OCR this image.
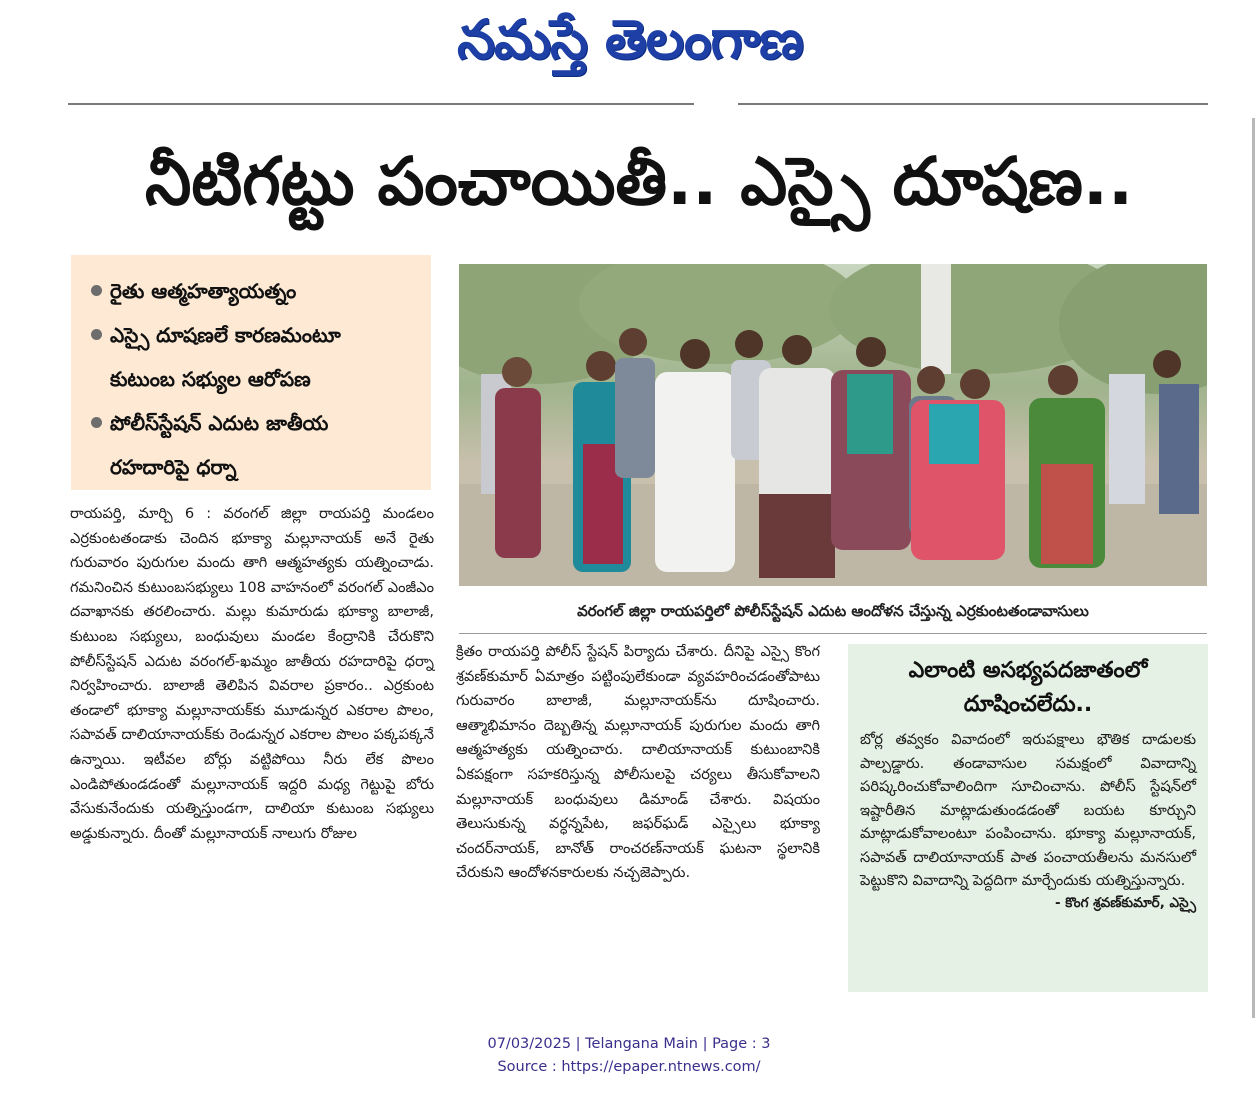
నమస్తే తెలంగాణ
నీటిగట్టు పంచాయితీ.. ఎస్సై దూషణ..
రైతు ఆత్మహత్యాయత్నం
ఎస్సై దూషణలే కారణమంటూ
కుటుంబ సభ్యుల ఆరోపణ
పోలీస్‌స్టేషన్ ఎదుట జాతీయ
రహదారిపై ధర్నా
రాయపర్తి, మార్చి 6 : వరంగల్ జిల్లా రాయపర్తి మండలం ఎర్రకుంటతండాకు చెందిన భూక్యా మల్లూనాయక్ అనే రైతు గురువారం పురుగుల మందు తాగి ఆత్మహత్యకు యత్నించాడు. గమనించిన కుటుంబసభ్యులు 108 వాహనంలో వరంగల్ ఎంజీఎం దవాఖానకు తరలించారు. మల్లు కుమారుడు భూక్యా బాలాజీ, కుటుంబ సభ్యులు, బంధువులు మండల కేంద్రానికి చేరుకొని పోలీస్‌స్టేషన్ ఎదుట వరంగల్-ఖమ్మం జాతీయ రహదారిపై ధర్నా నిర్వహించారు. బాలాజీ తెలిపిన వివరాల ప్రకారం.. ఎర్రకుంట తండాలో భూక్యా మల్లూనాయక్‌కు మూడున్నర ఎకరాల పొలం, సపావత్ దాలియానాయక్‌కు రెండున్నర ఎకరాల పొలం పక్కపక్కనే ఉన్నాయి. ఇటీవల బోర్లు వట్టిపోయి నీరు లేక పొలం ఎండిపోతుండడంతో మల్లూనాయక్ ఇద్దరి మధ్య గెట్టుపై బోరు వేసుకునేందుకు యత్నిస్తుండగా, దాలియా కుటుంబ సభ్యులు అడ్డుకున్నారు. దీంతో మల్లూనాయక్ నాలుగు రోజుల
వరంగల్ జిల్లా రాయపర్తిలో పోలీస్‌స్టేషన్ ఎదుట ఆందోళన చేస్తున్న ఎర్రకుంటతండావాసులు
క్రితం రాయపర్తి పోలీస్ స్టేషన్ పిర్యాదు చేశారు. దీనిపై ఎస్సై కొంగ శ్రవణ్‌కుమార్ ఏమాత్రం పట్టింపులేకుండా వ్యవహరించడంతోపాటు గురువారం బాలాజీ, మల్లూనాయక్‌ను దూషించారు. ఆత్మాభిమానం దెబ్బతిన్న మల్లూనాయక్ పురుగుల మందు తాగి ఆత్మహత్యకు యత్నించారు. దాలియానాయక్ కుటుంబానికి ఏకపక్షంగా సహకరిస్తున్న పోలీసులపై చర్యలు తీసుకోవాలని మల్లూనాయక్ బంధువులు డిమాండ్ చేశారు. విషయం తెలుసుకున్న వర్ధన్నపేట, జఫర్‌ఘడ్ ఎస్సైలు భూక్యా చందర్‌నాయక్, బానోత్ రాంచరణ్‌నాయక్ ఘటనా స్థలానికి చేరుకుని ఆందోళనకారులకు నచ్చజెప్పారు.
ఎలాంటి అసభ్యపదజాతంలో
దూషించలేదు..
బోర్ల తవ్వకం వివాదంలో ఇరుపక్షాలు భౌతిక దాడులకు పాల్పడ్డారు. తండావాసుల సమక్షంలో వివాదాన్ని పరిష్కరించుకోవాలిందిగా సూచించాను. పోలీస్ స్టేషన్‌లో ఇష్టారీతిన మాట్లాడుతుండడంతో బయట కూర్చుని మాట్లాడుకోవాలంటూ పంపించాను. భూక్యా మల్లూనాయక్, సపావత్ దాలియానాయక్ పాత పంచాయతీలను మనసులో పెట్టుకొని వివాదాన్ని పెద్దదిగా మార్చేందుకు యత్నిస్తున్నారు.
- కొంగ శ్రవణ్‌కుమార్, ఎస్సై
07/03/2025 | Telangana Main | Page : 3
Source : https://epaper.ntnews.com/
